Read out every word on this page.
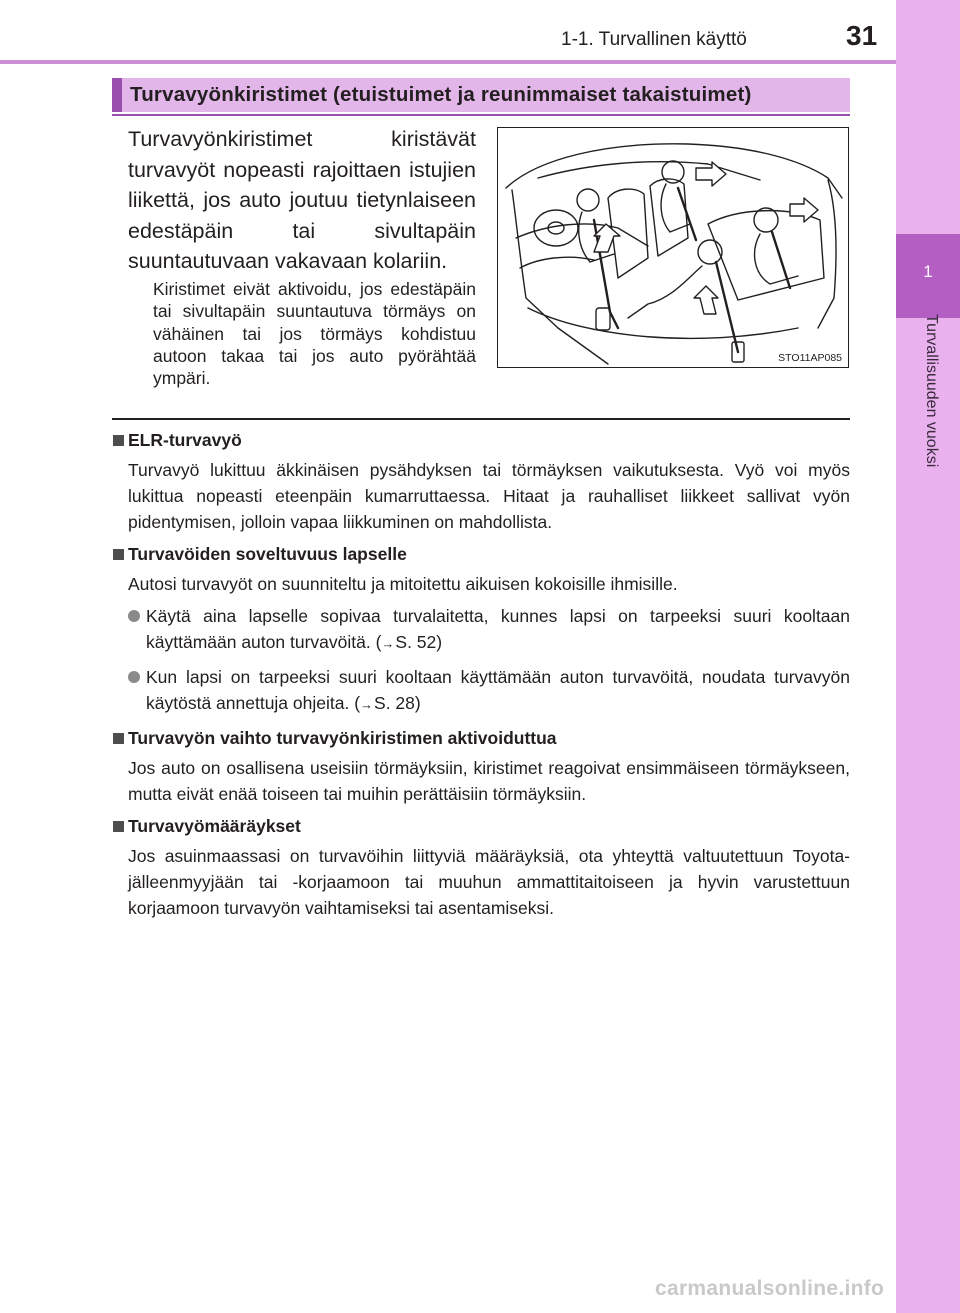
1
Turvallisuuden vuoksi
1-1. Turvallinen käyttö	31
Turvavyönkiristimet (etuistuimet ja reunimmaiset takaistuimet)
Turvavyönkiristimet kiristävät turvavyöt nopeasti rajoittaen istujien liikettä, jos auto joutuu tietynlaiseen edestäpäin tai sivultapäin suuntautuvaan vakavaan kolariin.
Kiristimet eivät aktivoidu, jos edestäpäin tai sivultapäin suuntautuva törmäys on vähäinen tai jos törmäys kohdistuu autoon takaa tai jos auto pyörähtää ympäri.
STO11AP085
ELR-turvavyö

Turvavyö lukittuu äkkinäisen pysähdyksen tai törmäyksen vaikutuksesta. Vyö voi myös lukittua nopeasti eteenpäin kumarruttaessa. Hitaat ja rauhalliset liikkeet sallivat vyön pidentymisen, jolloin vapaa liikkuminen on mahdollista.

Turvavöiden soveltuvuus lapselle

Autosi turvavyöt on suunniteltu ja mitoitettu aikuisen kokoisille ihmisille.

Käytä aina lapselle sopivaa turvalaitetta, kunnes lapsi on tarpeeksi suuri kooltaan käyttämään auton turvavöitä. (→S. 52)
Kun lapsi on tarpeeksi suuri kooltaan käyttämään auton turvavöitä, noudata turvavyön käytöstä annettuja ohjeita. (→S. 28)
Turvavyön vaihto turvavyönkiristimen aktivoiduttua

Jos auto on osallisena useisiin törmäyksiin, kiristimet reagoivat ensimmäiseen törmäykseen, mutta eivät enää toiseen tai muihin perättäisiin törmäyksiin.

Turvavyömääräykset

Jos asuinmaassasi on turvavöihin liittyviä määräyksiä, ota yhteyttä valtuutettuun Toyota-jälleenmyyjään tai -korjaamoon tai muuhun ammattitaitoiseen ja hyvin varustettuun korjaamoon turvavyön vaihtamiseksi tai asentamiseksi.

carmanualsonline.info
